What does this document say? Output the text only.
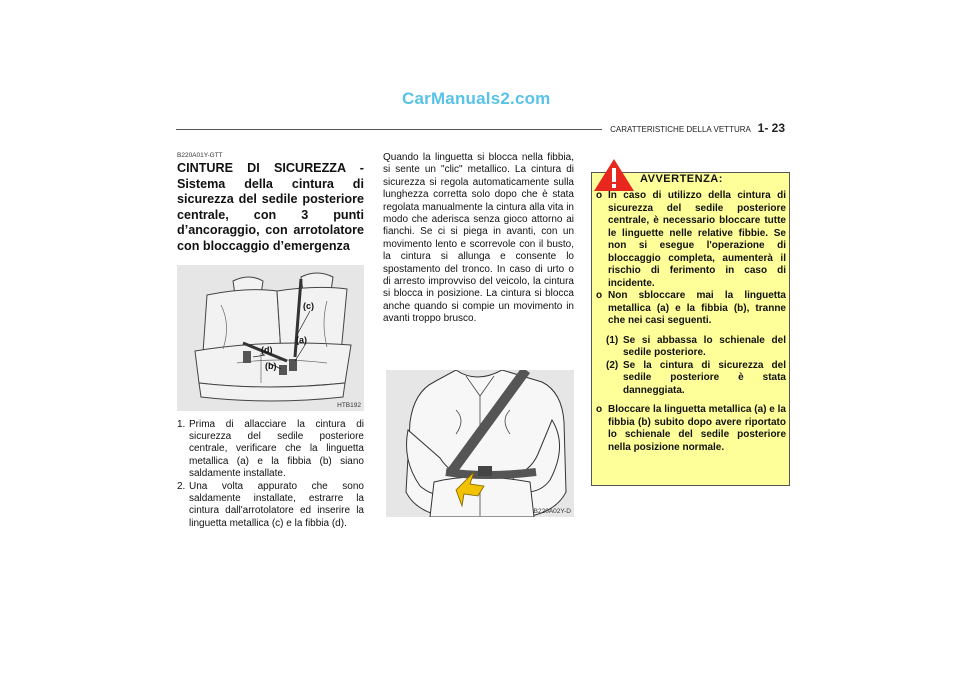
CarManuals2.com
CARATTERISTICHE DELLA VETTURA 1- 23
B220A01Y-GTT
CINTURE DI SICUREZZA - Sistema della cintura di sicurezza del sedile posteriore centrale, con 3 punti d’ancoraggio, con arrotolatore con bloccaggio d’emergenza
(c)
(a)
(d)
(b)
HTB192
1. Prima di allacciare la cintura di sicurezza del sedile posteriore centrale, verificare che la linguetta metallica (a) e la fibbia (b) siano saldamente installate.
2. Una volta appurato che sono saldamente installate, estrarre la cintura dall'arrotolatore ed inserire la linguetta metallica (c) e la fibbia (d).

Quando la linguetta si blocca nella fibbia, si sente un "clic" metallico. La cintura di sicurezza si regola automaticamente sulla lunghezza corretta solo dopo che è stata regolata manualmente la cintura alla vita in modo che aderisca senza gioco attorno ai fianchi. Se ci si piega in avanti, con un movimento lento e scorrevole con il busto, la cintura si allunga e consente lo spostamento del tronco. In caso di urto o di arresto improvviso del veicolo, la cintura si blocca in posizione. La cintura si blocca anche quando si compie un movimento in avanti troppo brusco.

B220A02Y-D
AVVERTENZA:
o In caso di utilizzo della cintura di sicurezza del sedile posteriore centrale, è necessario bloccare tutte le linguette nelle relative fibbie. Se non si esegue l'operazione di bloccaggio completa, aumenterà il rischio di ferimento in caso di incidente.
o Non sbloccare mai la linguetta metallica (a) e la fibbia (b), tranne che nei casi seguenti.
(1) Se si abbassa lo schienale del sedile posteriore.
(2) Se la cintura di sicurezza del sedile posteriore è stata danneggiata.
o Bloccare la linguetta metallica (a) e la fibbia (b) subito dopo avere riportato lo schienale del sedile posteriore nella posizione normale.
